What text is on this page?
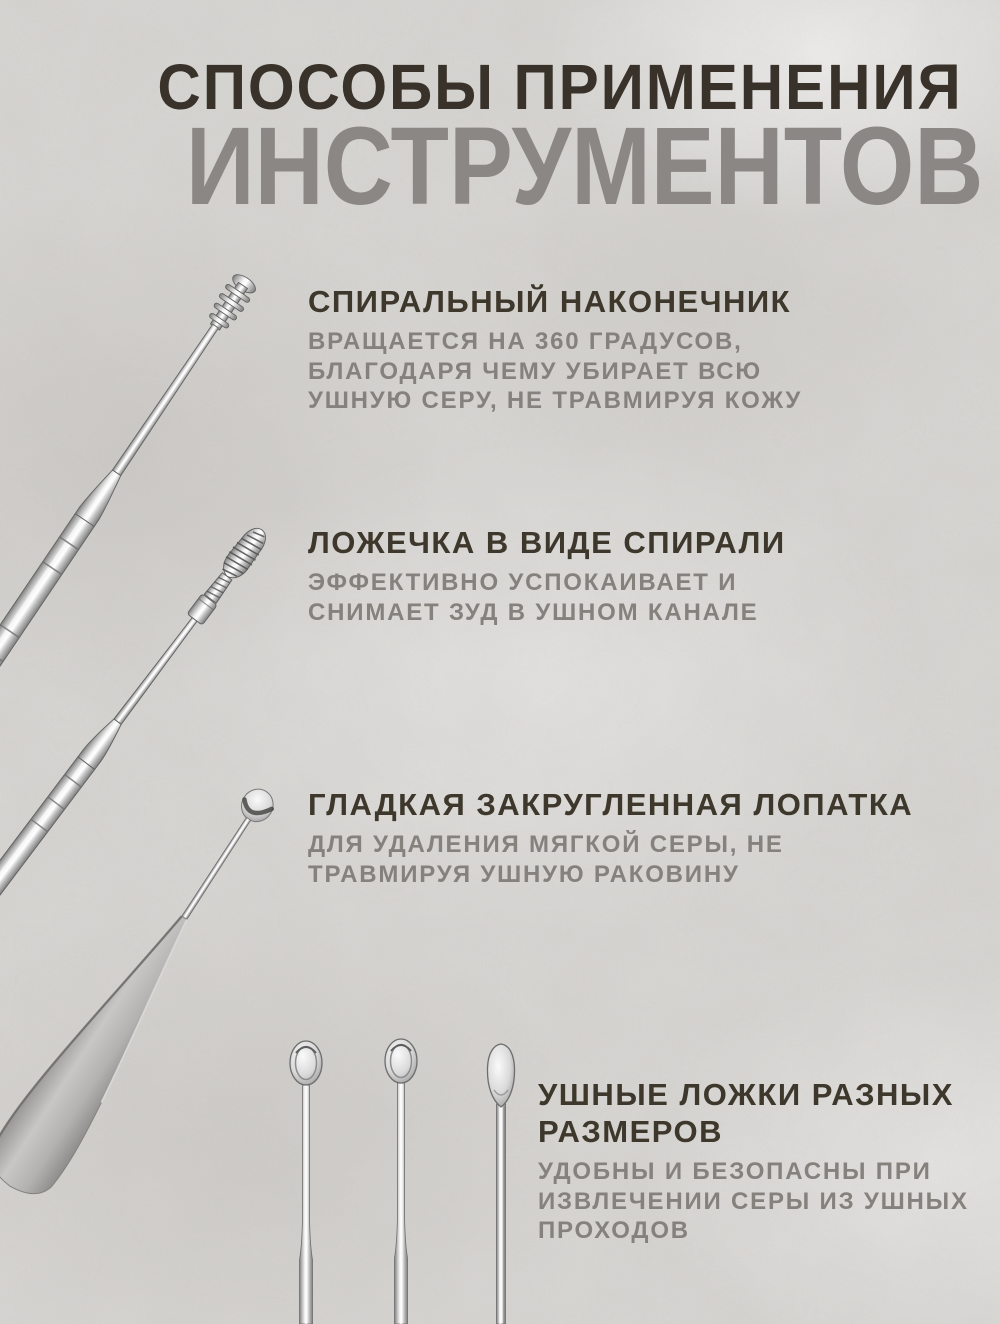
СПОСОБЫ ПРИМЕНЕНИЯ
ИНСТРУМЕНТОВ
СПИРАЛЬНЫЙ НАКОНЕЧНИК
ВРАЩАЕТСЯ НА 360 ГРАДУСОВ,
БЛАГОДАРЯ ЧЕМУ УБИРАЕТ ВСЮ
УШНУЮ СЕРУ, НЕ ТРАВМИРУЯ КОЖУ
ЛОЖЕЧКА В ВИДЕ СПИРАЛИ
ЭФФЕКТИВНО УСПОКАИВАЕТ И
СНИМАЕТ ЗУД В УШНОМ КАНАЛЕ
ГЛАДКАЯ ЗАКРУГЛЕННАЯ ЛОПАТКА
ДЛЯ УДАЛЕНИЯ МЯГКОЙ СЕРЫ, НЕ
ТРАВМИРУЯ УШНУЮ РАКОВИНУ
УШНЫЕ ЛОЖКИ РАЗНЫХ
РАЗМЕРОВ
УДОБНЫ И БЕЗОПАСНЫ ПРИ
ИЗВЛЕЧЕНИИ СЕРЫ ИЗ УШНЫХ
ПРОХОДОВ
